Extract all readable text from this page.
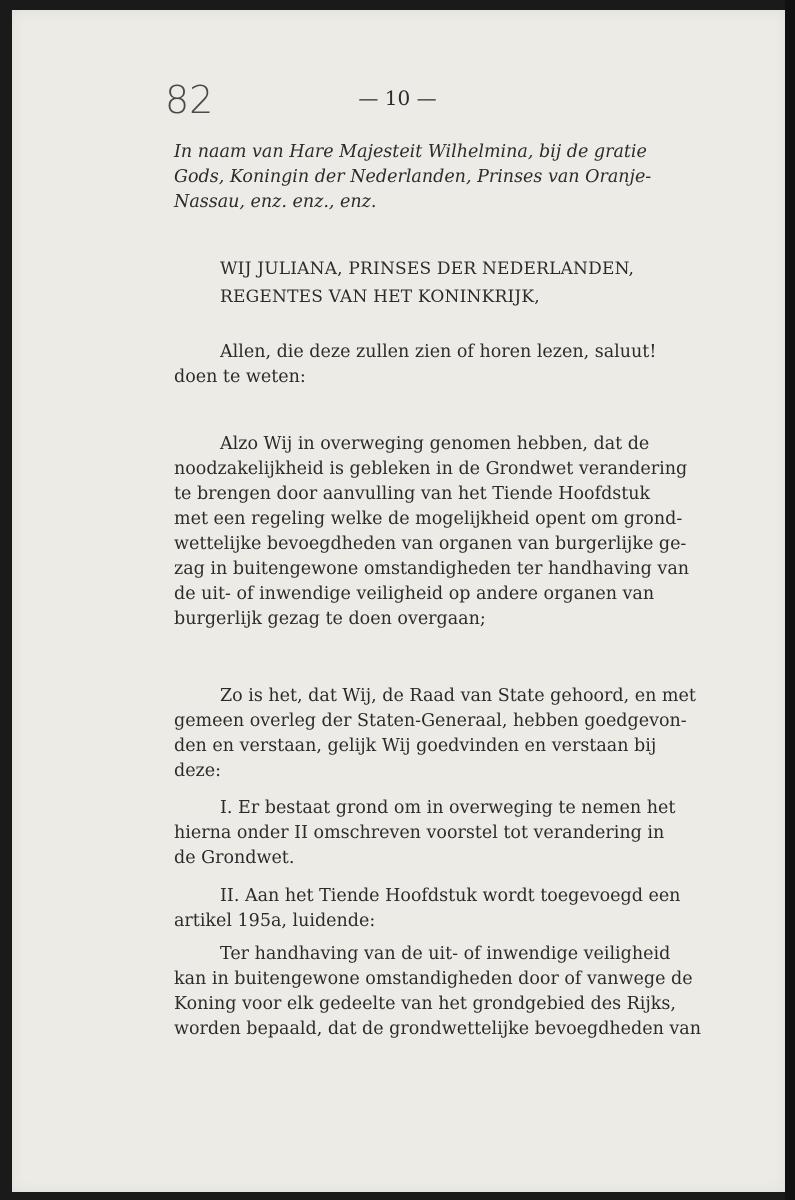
82	— 10 —
In naam van Hare Majesteit Wilhelmina, bij de gratie
Gods, Koningin der Nederlanden, Prinses van Oranje-
Nassau, enz. enz., enz.
WIJ JULIANA, PRINSES DER NEDERLANDEN,
REGENTES VAN HET KONINKRIJK,
Allen, die deze zullen zien of horen lezen, saluut!
doen te weten:
Alzo Wij in overweging genomen hebben, dat de
noodzakelijkheid is gebleken in de Grondwet verandering
te brengen door aanvulling van het Tiende Hoofdstuk
met een regeling welke de mogelijkheid opent om grond-
wettelijke bevoegdheden van organen van burgerlijke ge-
zag in buitengewone omstandigheden ter handhaving van
de uit- of inwendige veiligheid op andere organen van
burgerlijk gezag te doen overgaan;
Zo is het, dat Wij, de Raad van State gehoord, en met
gemeen overleg der Staten-Generaal, hebben goedgevon-
den en verstaan, gelijk Wij goedvinden en verstaan bij
deze:
I. Er bestaat grond om in overweging te nemen het
hierna onder II omschreven voorstel tot verandering in
de Grondwet.
II. Aan het Tiende Hoofdstuk wordt toegevoegd een
artikel 195a, luidende:
Ter handhaving van de uit- of inwendige veiligheid
kan in buitengewone omstandigheden door of vanwege de
Koning voor elk gedeelte van het grondgebied des Rijks,
worden bepaald, dat de grondwettelijke bevoegdheden van
